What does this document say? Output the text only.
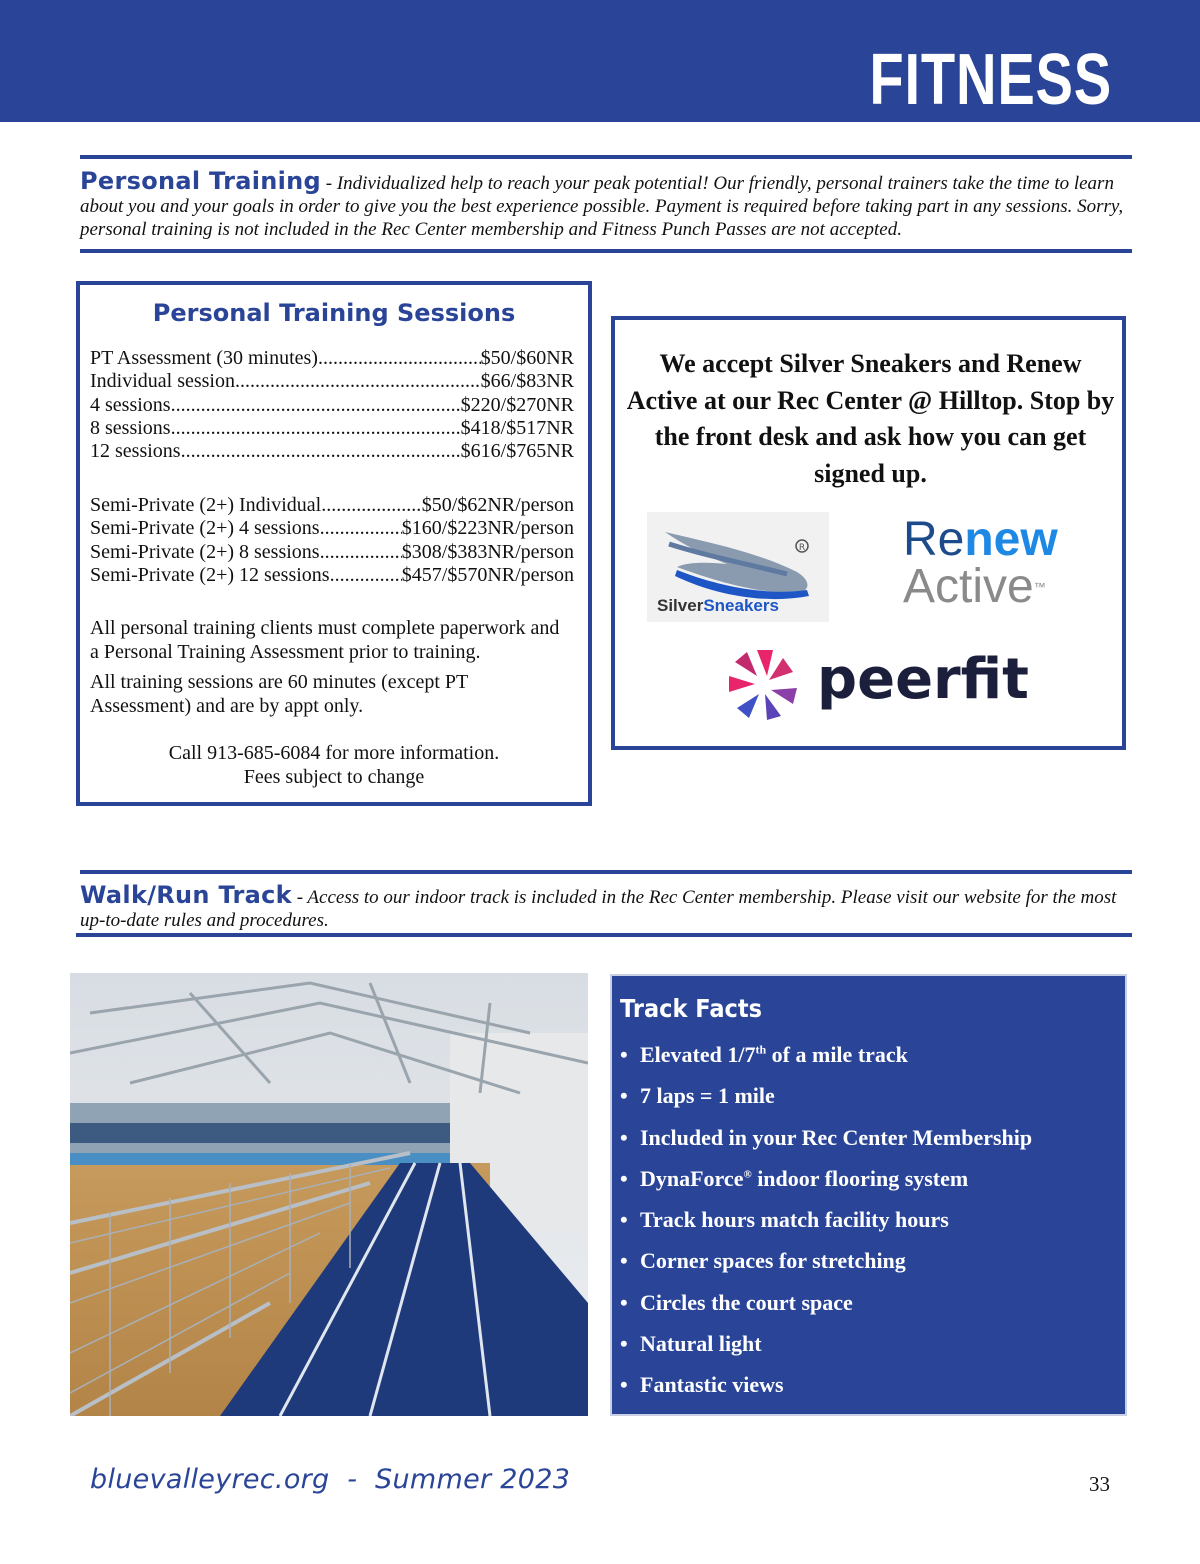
FITNESS
Personal Training - Individualized help to reach your peak potential! Our friendly, personal trainers take the time to learn about you and your goals in order to give you the best experience possible. Payment is required before taking part in any sessions. Sorry, personal training is not included in the Rec Center membership and Fitness Punch Passes are not accepted.
Personal Training Sessions
PT Assessment (30 minutes) .....	$50/$60NR
Individual session .....	$66/$83NR
4 sessions .....	$220/$270NR
8 sessions .....	$418/$517NR
12 sessions .....	$616/$765NR
Semi-Private (2+) Individual .....	$50/$62NR/person
Semi-Private (2+) 4 sessions .....	$160/$223NR/person
Semi-Private (2+) 8 sessions .....	$308/$383NR/person
Semi-Private (2+) 12 sessions .....	$457/$570NR/person
All personal training clients must complete paperwork and a Personal Training Assessment prior to training.
All training sessions are 60 minutes (except PT Assessment) and are by appt only.
Call 913-685-6084 for more information.
Fees subject to change
We accept Silver Sneakers and Renew Active at our Rec Center @ Hilltop. Stop by the front desk and ask how you can get signed up.
R
SilverSneakers
Renew
Active™
peerfit
Walk/Run Track - Access to our indoor track is included in the Rec Center membership. Please visit our website for the most up-to-date rules and procedures.
Track Facts
• Elevated 1/7th of a mile track
• 7 laps = 1 mile
• Included in your Rec Center Membership
• DynaForce® indoor flooring system
• Track hours match facility hours
• Corner spaces for stretching
• Circles the court space
• Natural light
• Fantastic views
bluevalleyrec.org  -  Summer 2023	33
